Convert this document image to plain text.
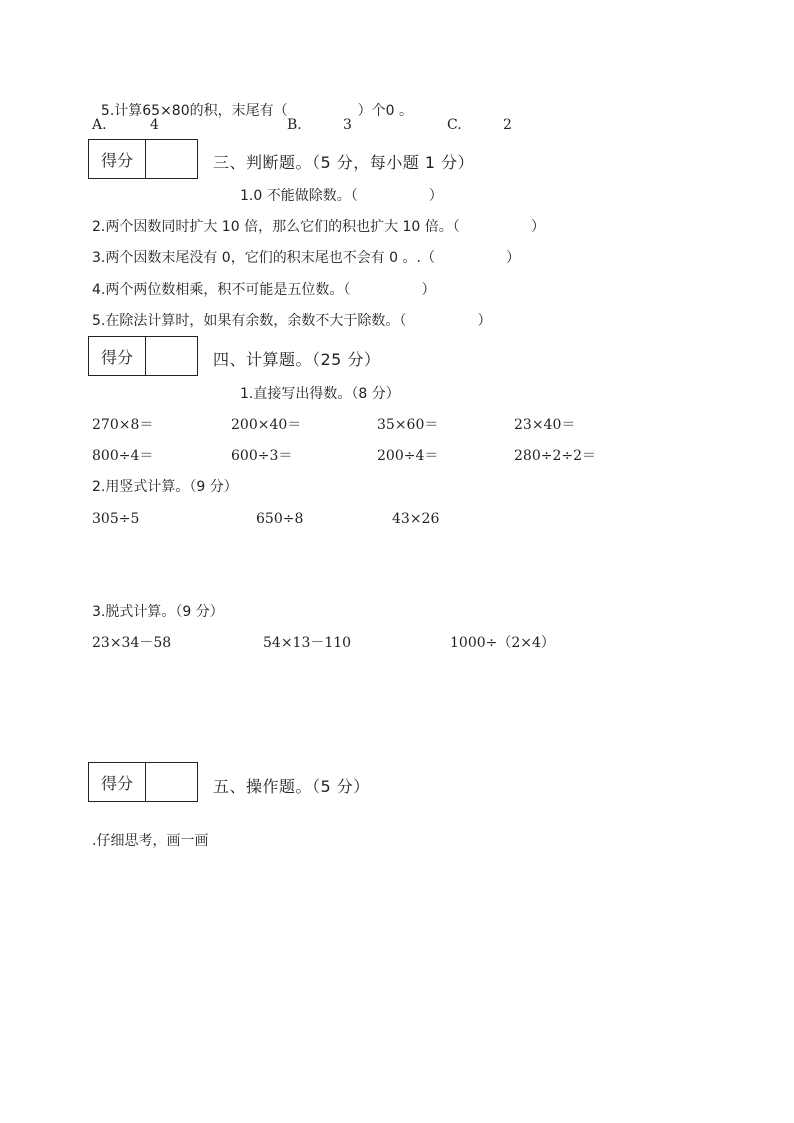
5.计算65×80的积，末尾有（	）个0 。

A.	4	B.	3	C.	2
得分	三、判断题。（5 分，每小题 1 分）
1.0 不能做除数。（                ）
2.两个因数同时扩大 10 倍，那么它们的积也扩大 10 倍。（                ）
3.两个因数末尾没有 0，它们的积末尾也不会有 0 。.（                ）
4.两个两位数相乘，积不可能是五位数。（                ）
5.在除法计算时，如果有余数，余数不大于除数。（                ）
得分	四、计算题。（25 分）
1.直接写出得数。（8 分）
270×8＝	200×40＝	35×60＝	23×40＝
800÷4＝	600÷3＝	200÷4＝	280÷2÷2＝
2.用竖式计算。（9 分）
305÷5	650÷8	43×26
3.脱式计算。（9 分）
23×34－58	54×13－110	1000÷（2×4）
得分	五、操作题。（5 分）
.仔细思考，画一画
